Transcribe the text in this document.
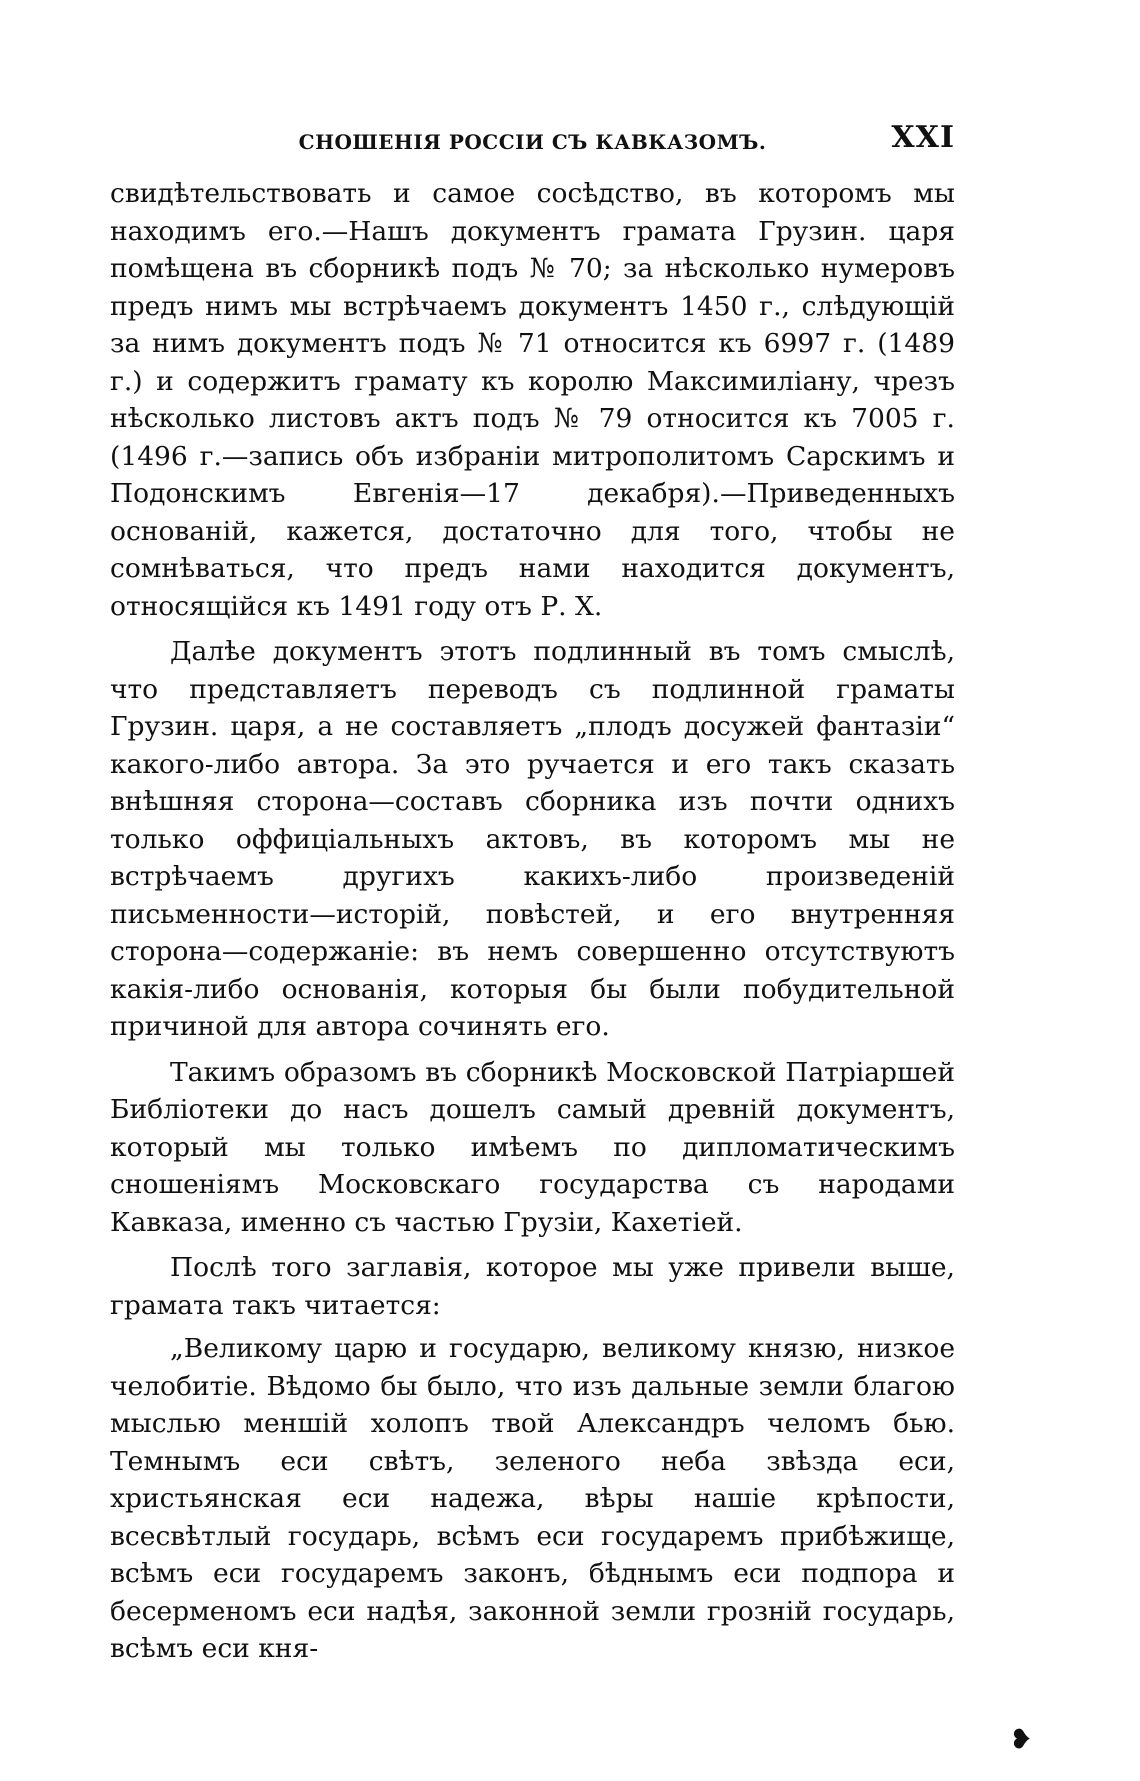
СНОШЕНІЯ РОССІИ СЪ КАВКАЗОМЪ.	XXI

свидѣтельствовать и самое соcѣдство, въ которомъ мы находимъ его.—Нашъ документъ грамата Грузин. царя помѣщена въ сборникѣ подъ № 70; за нѣсколько нумеровъ предъ нимъ мы встрѣчаемъ документъ 1450 г., слѣдующій за нимъ документъ подъ № 71 относится къ 6997 г. (1489 г.) и содержитъ грамату къ королю Максимиліану, чрезъ нѣсколько листовъ актъ подъ № 79 относится къ 7005 г. (1496 г.—запись объ избраніи митрополитомъ Сарскимъ и Подонскимъ Евгенія—17 декабря).—Приведенныхъ основаній, кажется, достаточно для того, чтобы не сомнѣваться, что предъ нами находится документъ, относящійся къ 1491 году отъ Р. Х.

Далѣе документъ этотъ подлинный въ томъ смыслѣ, что представляетъ переводъ съ подлинной граматы Грузин. царя, а не составляетъ „плодъ досужей фантазіи“ какого-либо автора. За это ручается и его такъ сказать внѣшняя сторона—составъ сборника изъ почти однихъ только оффиціальныхъ актовъ, въ которомъ мы не встрѣчаемъ другихъ какихъ-либо произведеній письменности—исторій, повѣстей, и его внутренняя сторона—содержаніе: въ немъ совершенно отсутствуютъ какія-либо основанія, которыя бы были побудительной причиной для автора сочинять его.

Такимъ образомъ въ сборникѣ Московской Патріаршей Библіотеки до насъ дошелъ самый древній документъ, который мы только имѣемъ по дипломатическимъ сношеніямъ Московскаго государства съ народами Кавказа, именно съ частью Грузіи, Кахетіей.

Послѣ того заглавія, которое мы уже привели выше, грамата такъ читается:

„Великому царю и государю, великому князю, низкое челобитіе. Вѣдомо бы было, что изъ дальные земли благою мыслью меншій холопъ твой Александръ челомъ бью. Темнымъ еси свѣтъ, зеленого неба звѣзда еси, христьянская еси надежа, вѣры нашіе крѣпости, всесвѣтлый государь, всѣмъ еси государемъ прибѣжище, всѣмъ еси государемъ законъ, бѣднымъ еси подпора и бесерменомъ еси надѣя, законной земли грозній государь, всѣмъ еси кня-

❥
